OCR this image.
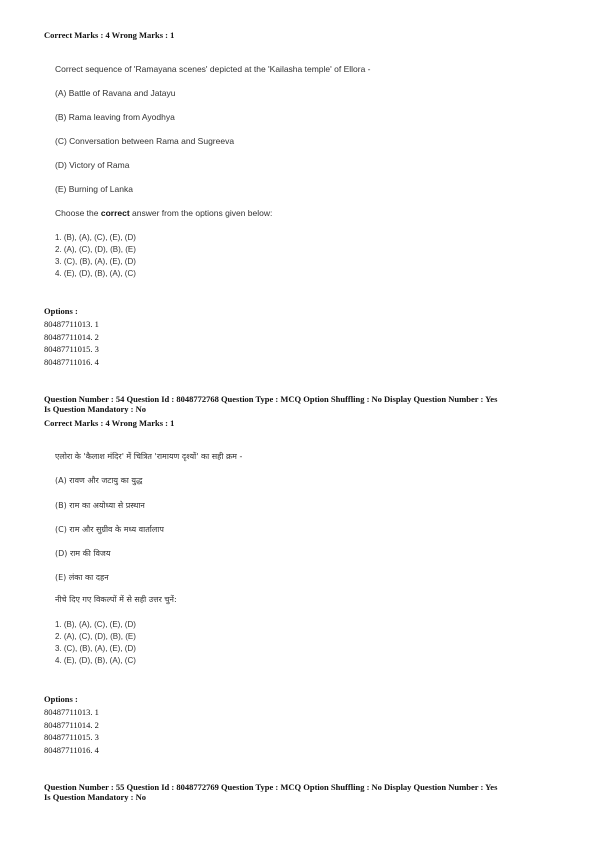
Correct Marks : 4 Wrong Marks : 1

Correct sequence of 'Ramayana scenes' depicted at the 'Kailasha temple' of Ellora -

(A) Battle of Ravana and Jatayu

(B) Rama leaving from Ayodhya

(C) Conversation between Rama and Sugreeva

(D) Victory of Rama

(E) Burning of Lanka

Choose the correct answer from the options given below:

1. (B), (A), (C), (E), (D)
2. (A), (C), (D), (B), (E)
3. (C), (B), (A), (E), (D)
4. (E), (D), (B), (A), (C)
Options :
80487711013. 1
80487711014. 2
80487711015. 3
80487711016. 4
Question Number : 54 Question Id : 8048772768 Question Type : MCQ Option Shuffling : No Display Question Number : Yes
Is Question Mandatory : No
Correct Marks : 4 Wrong Marks : 1

एलोरा के 'कैलाश मंदिर' में चित्रित 'रामायण दृश्यों' का सही क्रम -

(A) रावण और जटायु का युद्ध

(B) राम का अयोध्या से प्रस्थान

(C) राम और सुग्रीव के मध्य वार्तालाप

(D) राम की विजय

(E) लंका का दहन

नीचे दिए गए विकल्पों में से सही उत्तर चुनें:

1. (B), (A), (C), (E), (D)
2. (A), (C), (D), (B), (E)
3. (C), (B), (A), (E), (D)
4. (E), (D), (B), (A), (C)
Options :
80487711013. 1
80487711014. 2
80487711015. 3
80487711016. 4
Question Number : 55 Question Id : 8048772769 Question Type : MCQ Option Shuffling : No Display Question Number : Yes
Is Question Mandatory : No
